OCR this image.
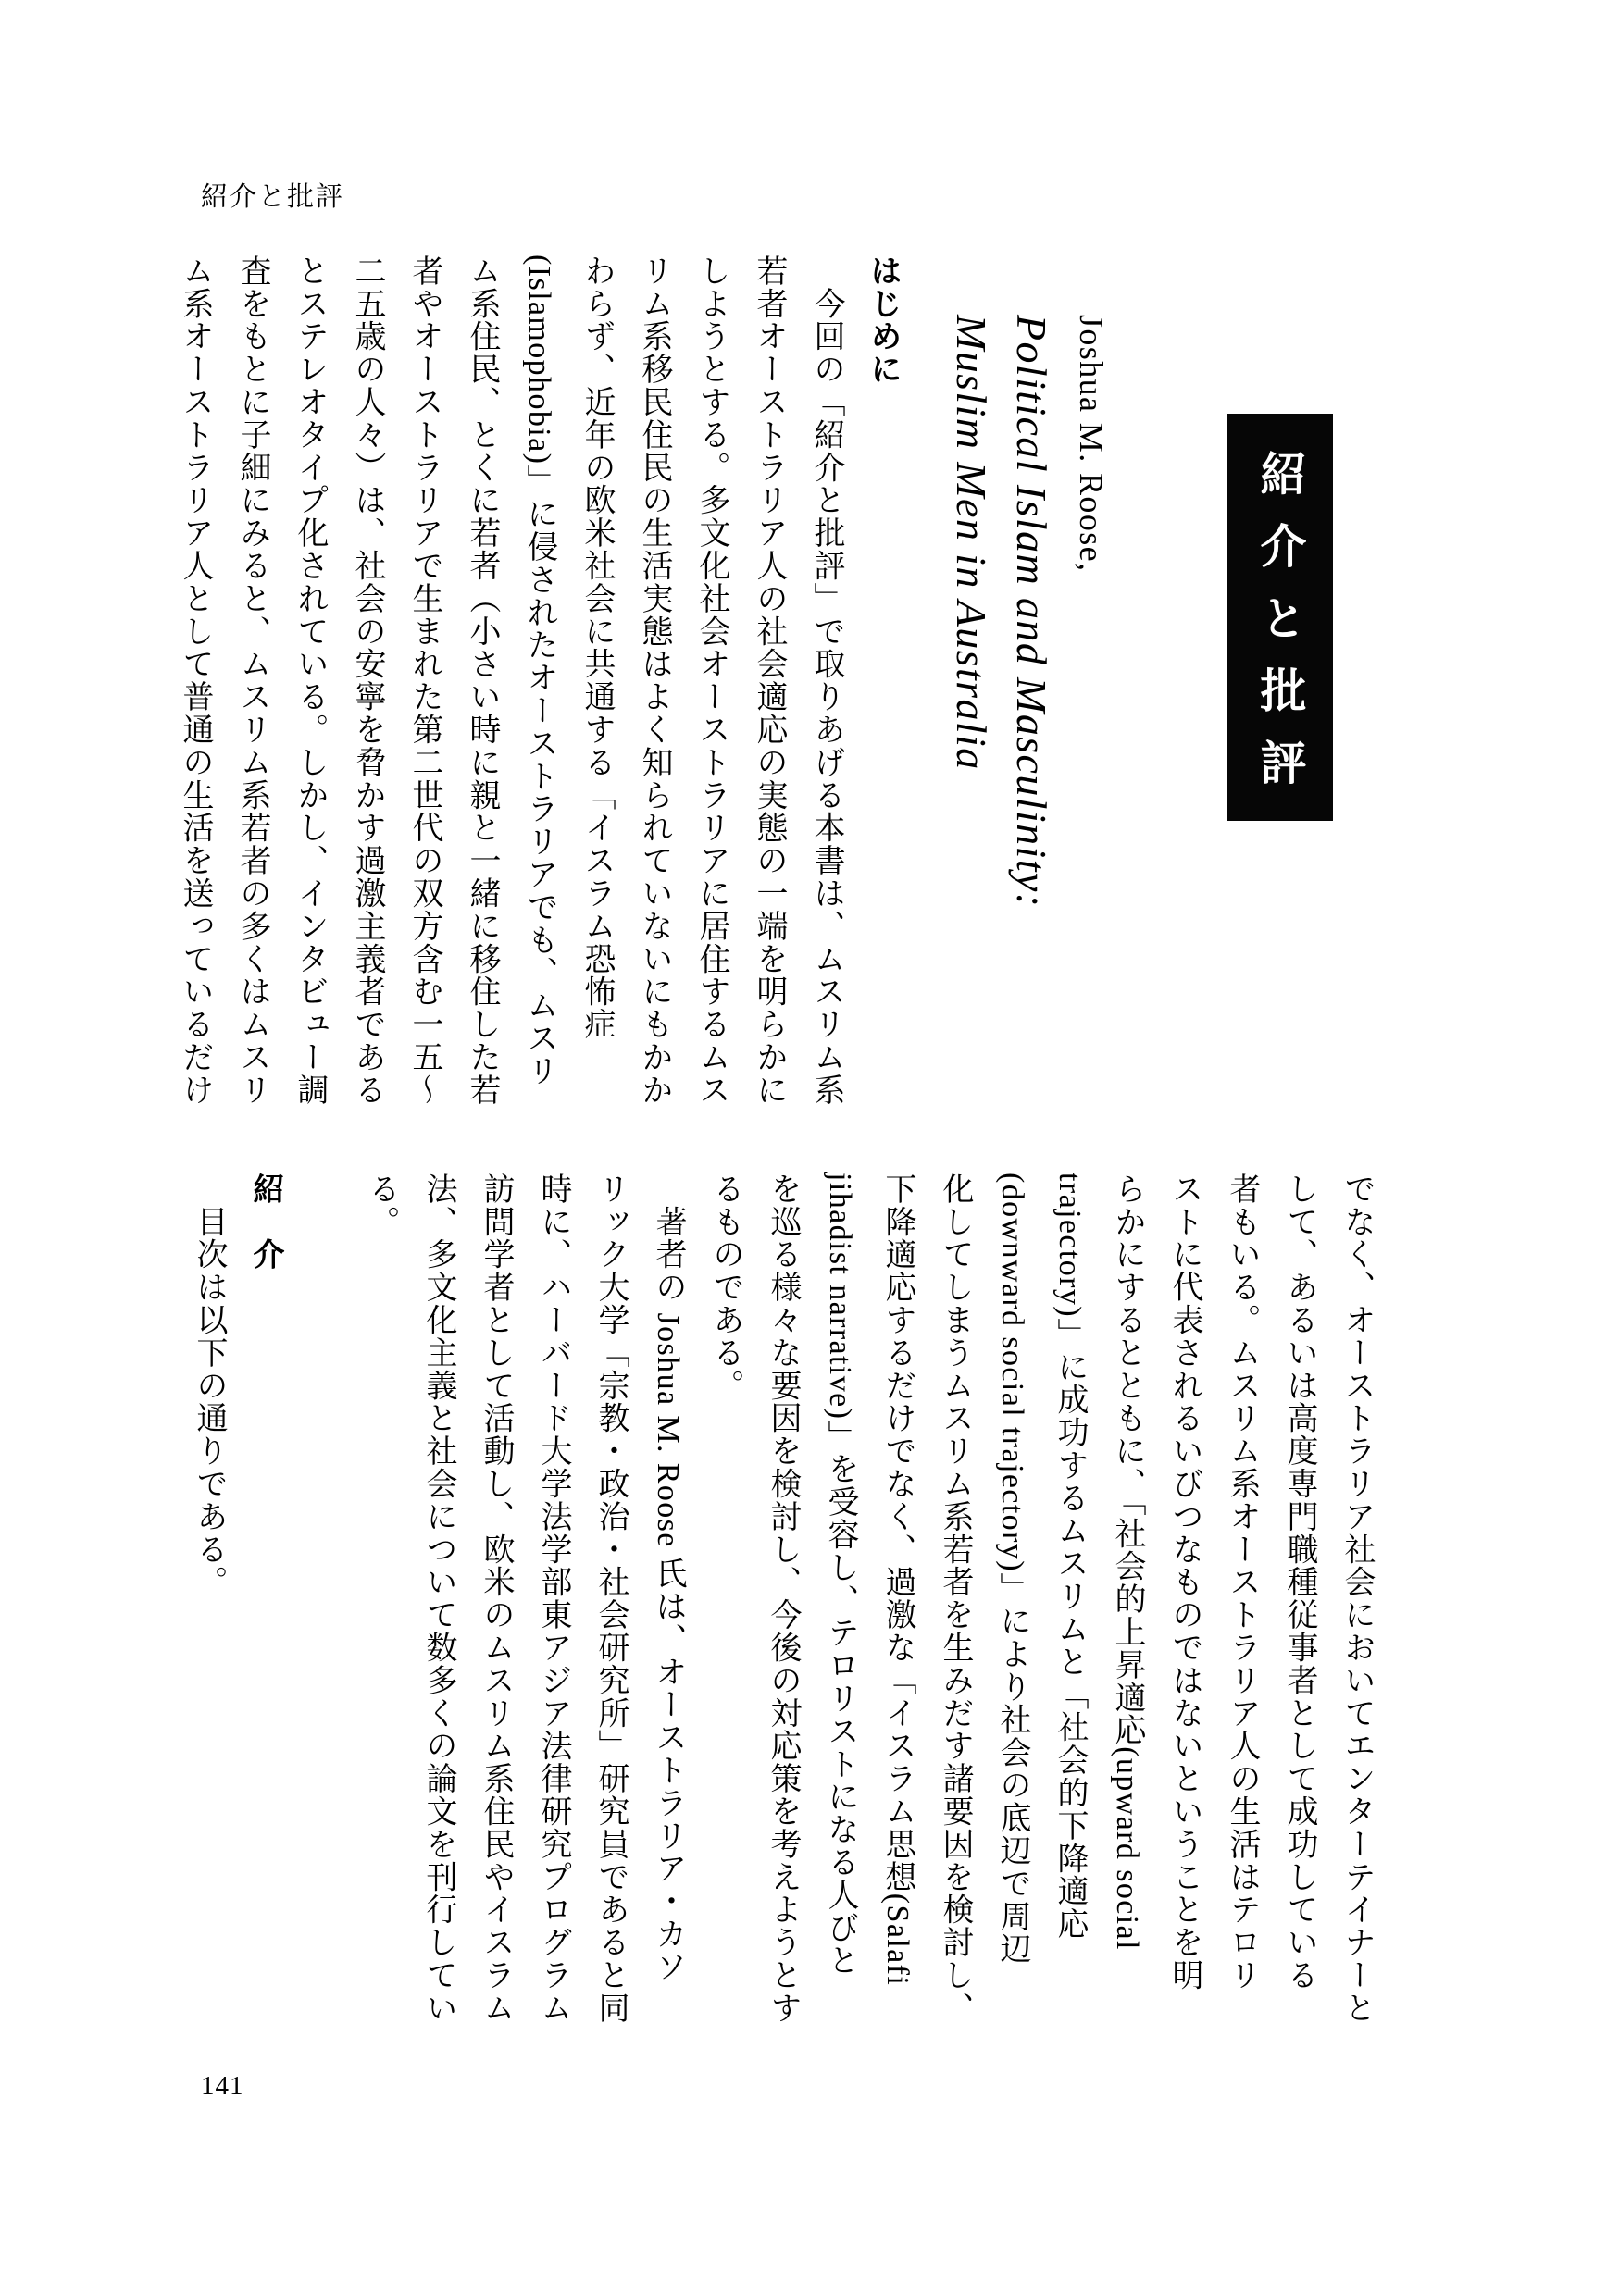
紹介と批評
紹介と批評
Joshua M. Roose,
Political Islam and Masculinity:
Muslim Men in Australia
はじめに
　今回の「紹介と批評」で取りあげる本書は、ムスリム系
若者オーストラリア人の社会適応の実態の一端を明らかに
しようとする。多文化社会オーストラリアに居住するムス
リム系移民住民の生活実態はよく知られていないにもかか
わらず、近年の欧米社会に共通する「イスラム恐怖症
(Islamophobia)」に侵されたオーストラリアでも、ムスリ
ム系住民、とくに若者（小さい時に親と一緒に移住した若
者やオーストラリアで生まれた第二世代の双方含む一五〜
二五歳の人々）は、社会の安寧を脅かす過激主義者である
とステレオタイプ化されている。しかし、インタビュー調
査をもとに子細にみると、ムスリム系若者の多くはムスリ
ム系オーストラリア人として普通の生活を送っているだけ
でなく、オーストラリア社会においてエンターテイナーと
して、あるいは高度専門職種従事者として成功している
者もいる。ムスリム系オーストラリア人の生活はテロリ
ストに代表されるいびつなものではないということを明
らかにするとともに、「社会的上昇適応(upward social
trajectory)」に成功するムスリムと「社会的下降適応
(downward social trajectory)」により社会の底辺で周辺
化してしまうムスリム系若者を生みだす諸要因を検討し、
下降適応するだけでなく、過激な「イスラム思想(Salafi
jihadist narrative)」を受容し、テロリストになる人びと
を巡る様々な要因を検討し、今後の対応策を考えようとす
るものである。
　著者の Joshua M. Roose 氏は、オーストラリア・カソ
リック大学「宗教・政治・社会研究所」研究員であると同
時に、ハーバード大学法学部東アジア法律研究プログラム
訪問学者として活動し、欧米のムスリム系住民やイスラム
法、多文化主義と社会について数多くの論文を刊行してい
る。
紹　介
　目次は以下の通りである。
141
